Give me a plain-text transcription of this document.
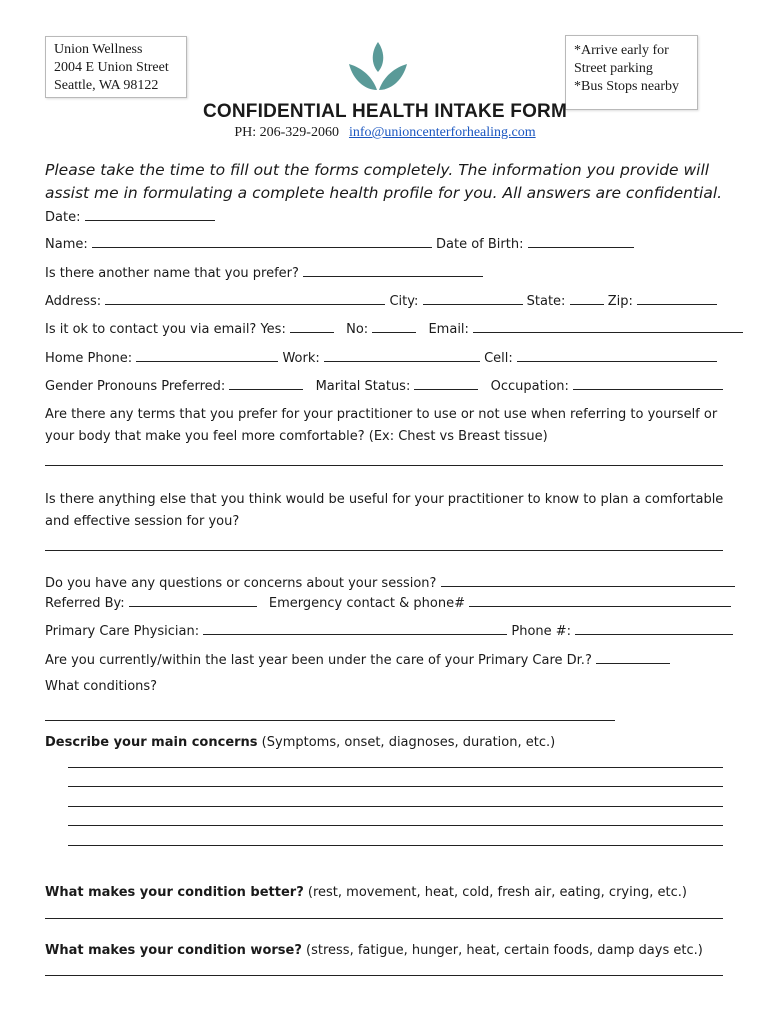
Union Wellness
2004 E Union Street
Seattle, WA 98122
*Arrive early for
Street parking
*Bus Stops nearby
CONFIDENTIAL HEALTH INTAKE FORM
PH: 206-329-2060 info@unioncenterforhealing.com
Please take the time to fill out the forms completely. The information you provide will assist me in formulating a complete health profile for you. All answers are confidential.
Date:
Name:	Date of Birth:
Is there another name that you prefer?
Address:	City:	State:	Zip:
Is it ok to contact you via email? Yes:	No:	Email:
Home Phone:	Work:	Cell:
Gender Pronouns Preferred:	Marital Status:	Occupation:
Are there any terms that you prefer for your practitioner to use or not use when referring to yourself or your body that make you feel more comfortable? (Ex: Chest vs Breast tissue)
Is there anything else that you think would be useful for your practitioner to know to plan a comfortable and effective session for you?
Do you have any questions or concerns about your session?
Referred By:	Emergency contact & phone#
Primary Care Physician:	Phone #:
Are you currently/within the last year been under the care of your Primary Care Dr.?
What conditions?
Describe your main concerns (Symptoms, onset, diagnoses, duration, etc.)
What makes your condition better? (rest, movement, heat, cold, fresh air, eating, crying, etc.)
What makes your condition worse? (stress, fatigue, hunger, heat, certain foods, damp days etc.)
